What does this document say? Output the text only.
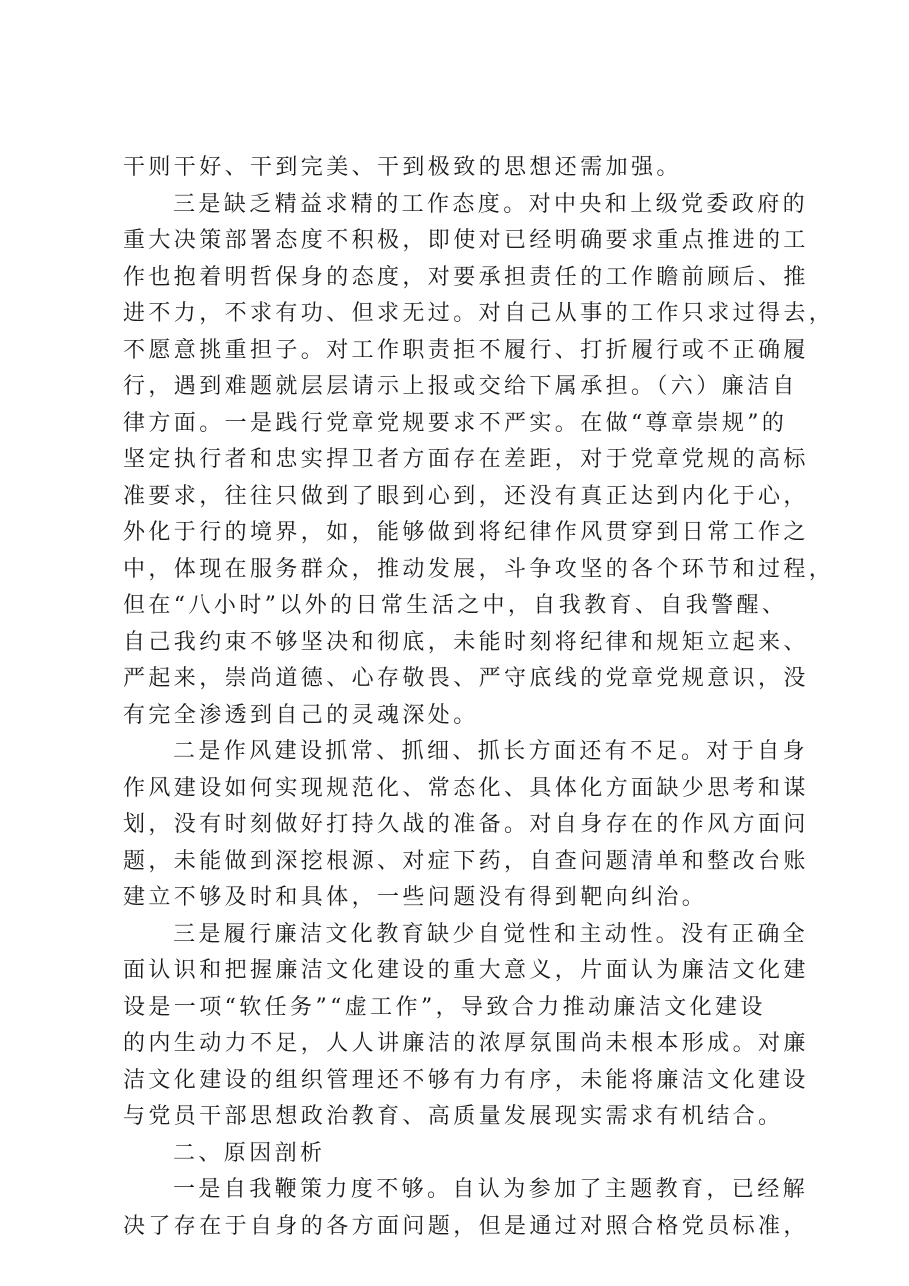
干则干好、干到完美、干到极致的思想还需加强。
三是缺乏精益求精的工作态度。对中央和上级党委政府的
重大决策部署态度不积极，即使对已经明确要求重点推进的工
作也抱着明哲保身的态度，对要承担责任的工作瞻前顾后、推
进不力，不求有功、但求无过。对自己从事的工作只求过得去，
不愿意挑重担子。对工作职责拒不履行、打折履行或不正确履
行，遇到难题就层层请示上报或交给下属承担。（六）廉洁自
律方面。一是践行党章党规要求不严实。在做“尊章崇规”的
坚定执行者和忠实捍卫者方面存在差距，对于党章党规的高标
准要求，往往只做到了眼到心到，还没有真正达到内化于心，
外化于行的境界，如，能够做到将纪律作风贯穿到日常工作之
中，体现在服务群众，推动发展，斗争攻坚的各个环节和过程，
但在“八小时”以外的日常生活之中，自我教育、自我警醒、
自己我约束不够坚决和彻底，未能时刻将纪律和规矩立起来、
严起来，崇尚道德、心存敬畏、严守底线的党章党规意识，没
有完全渗透到自己的灵魂深处。
二是作风建设抓常、抓细、抓长方面还有不足。对于自身
作风建设如何实现规范化、常态化、具体化方面缺少思考和谋
划，没有时刻做好打持久战的准备。对自身存在的作风方面问
题，未能做到深挖根源、对症下药，自查问题清单和整改台账
建立不够及时和具体，一些问题没有得到靶向纠治。
三是履行廉洁文化教育缺少自觉性和主动性。没有正确全
面认识和把握廉洁文化建设的重大意义，片面认为廉洁文化建
设是一项“软任务”“虚工作”，导致合力推动廉洁文化建设
的内生动力不足，人人讲廉洁的浓厚氛围尚未根本形成。对廉
洁文化建设的组织管理还不够有力有序，未能将廉洁文化建设
与党员干部思想政治教育、高质量发展现实需求有机结合。
二、原因剖析
一是自我鞭策力度不够。自认为参加了主题教育，已经解
决了存在于自身的各方面问题，但是通过对照合格党员标准，
